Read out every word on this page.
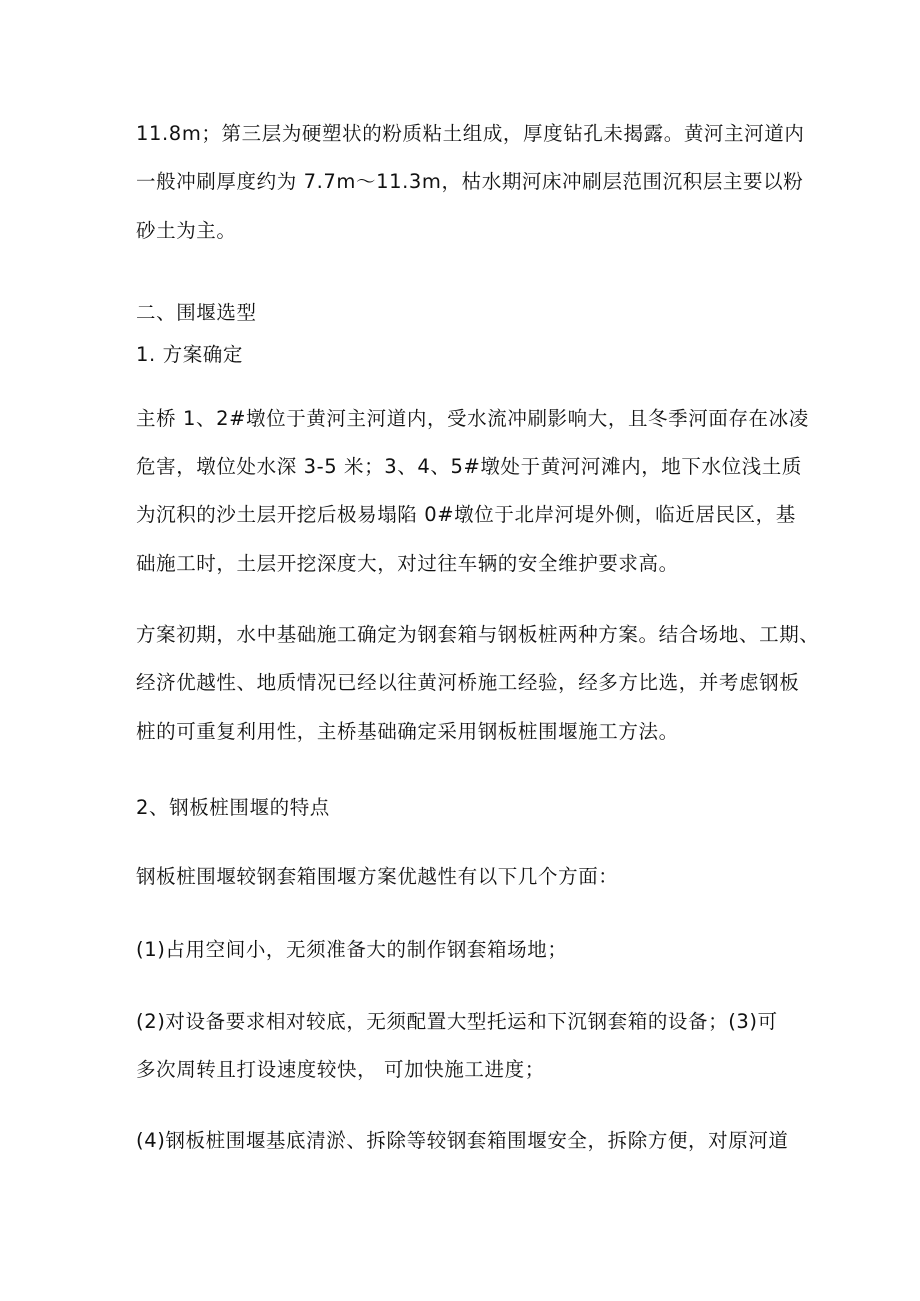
11.8m；第三层为硬塑状的粉质粘土组成，厚度钻孔未揭露。黄河主河道内
一般冲刷厚度约为 7.7m～11.3m，枯水期河床冲刷层范围沉积层主要以粉
砂土为主。
二、围堰选型
1. 方案确定
主桥 1、2#墩位于黄河主河道内，受水流冲刷影响大，且冬季河面存在冰凌
危害，墩位处水深 3-5 米；3、4、5#墩处于黄河河滩内，地下水位浅土质
为沉积的沙土层开挖后极易塌陷 0#墩位于北岸河堤外侧，临近居民区，基
础施工时，土层开挖深度大，对过往车辆的安全维护要求高。
方案初期，水中基础施工确定为钢套箱与钢板桩两种方案。结合场地、工期、
经济优越性、地质情况已经以往黄河桥施工经验，经多方比选，并考虑钢板
桩的可重复利用性，主桥基础确定采用钢板桩围堰施工方法。
2、钢板桩围堰的特点
钢板桩围堰较钢套箱围堰方案优越性有以下几个方面：
(1)占用空间小，无须准备大的制作钢套箱场地；
(2)对设备要求相对较底，无须配置大型托运和下沉钢套箱的设备；(3)可
多次周转且打设速度较快， 可加快施工进度；
(4)钢板桩围堰基底清淤、拆除等较钢套箱围堰安全，拆除方便，对原河道
